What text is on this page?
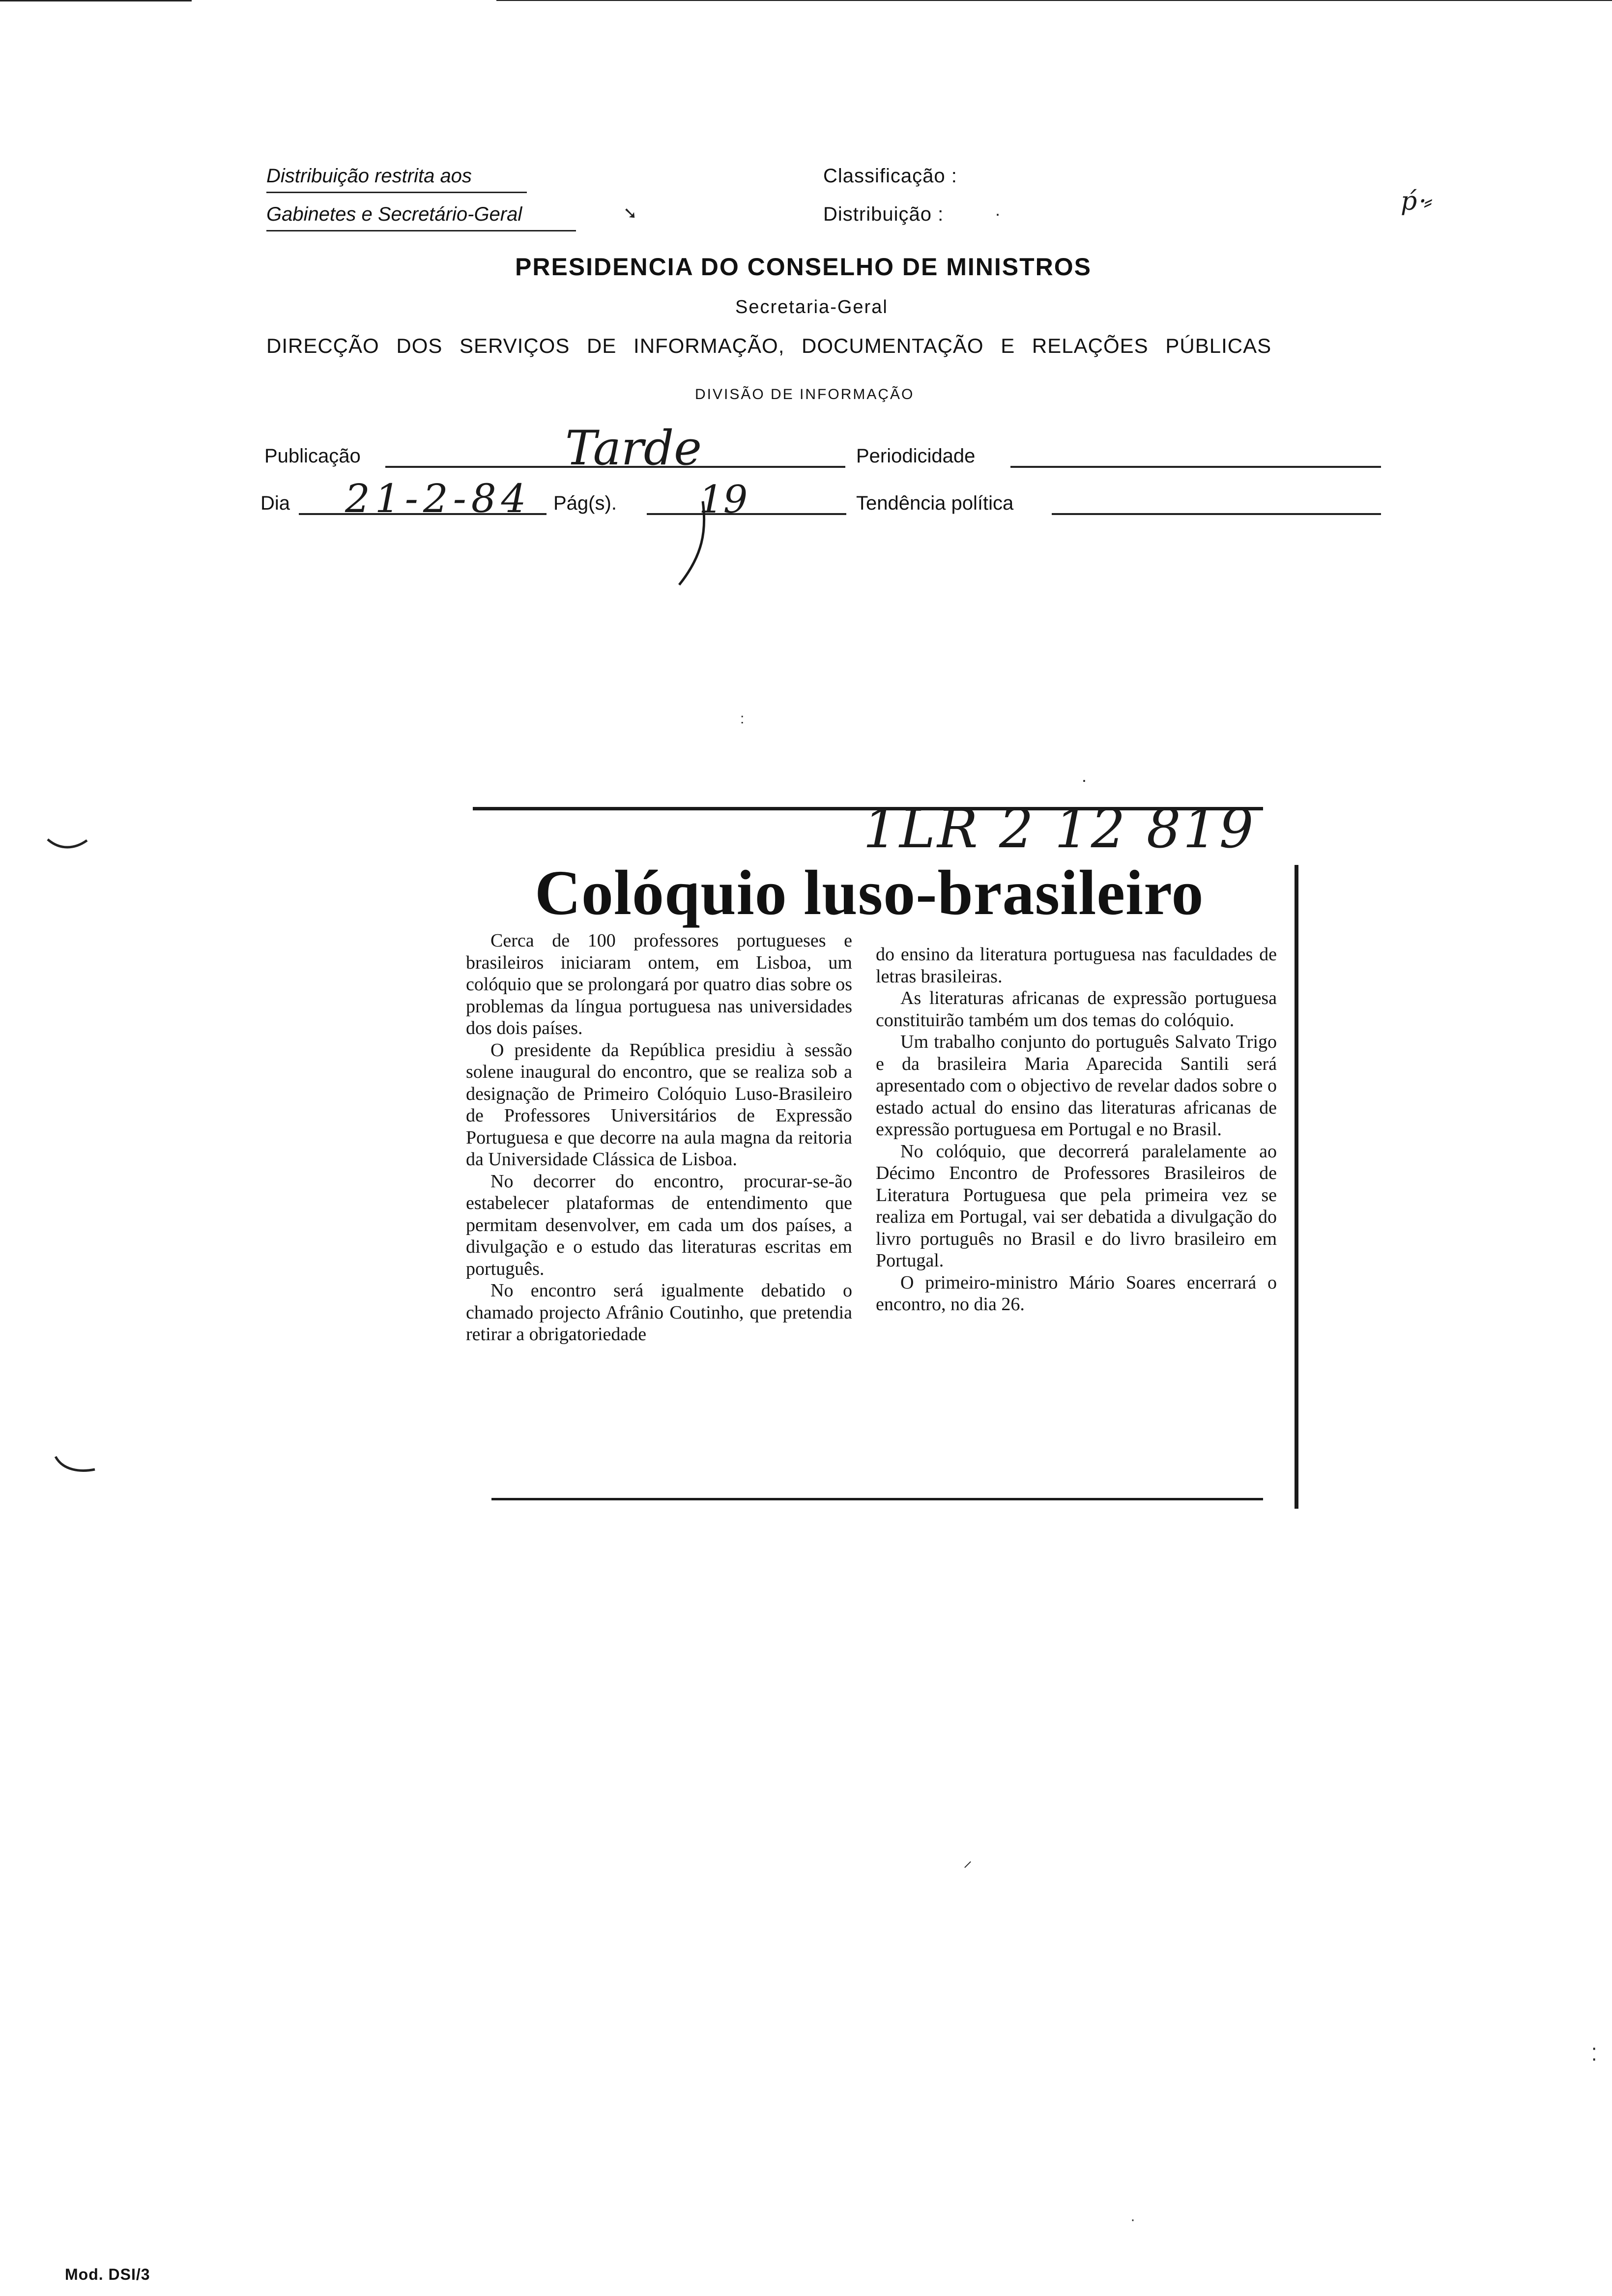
Distribuição restrita aos
Gabinetes e Secretário-Geral	➘
Classificação :
Distribuição :	·	ṕ⸱⸗
PRESIDENCIA DO CONSELHO DE MINISTROS
Secretaria-Geral
DIRECÇÃO DOS SERVIÇOS DE INFORMAÇÃO, DOCUMENTAÇÃO E RELAÇÕES PÚBLICAS
DIVISÃO DE INFORMAÇÃO
Publicação	Tarde	Periodicidade
Dia 21-2-84 Pág(s). 19	Tendência política
:
·
1LR 2 12 819
Colóquio luso-brasileiro

Cerca de 100 professores portugueses e brasileiros iniciaram ontem, em Lisboa, um colóquio que se prolongará por quatro dias sobre os problemas da língua portuguesa nas universidades dos dois países.

O presidente da República presidiu à sessão solene inaugural do encontro, que se realiza sob a designação de Primeiro Colóquio Luso-Brasileiro de Professores Universitários de Expressão Portuguesa e que decorre na aula magna da reitoria da Universidade Clássica de Lisboa.

No decorrer do encontro, procurar-se-ão estabelecer plataformas de entendimento que permitam desenvolver, em cada um dos países, a divulgação e o estudo das literaturas escritas em português.

No encontro será igualmente debatido o chamado projecto Afrânio Coutinho, que pretendia retirar a obrigatoriedade

do ensino da literatura portuguesa nas faculdades de letras brasileiras.

As literaturas africanas de expressão portuguesa constituirão também um dos temas do colóquio.

Um trabalho conjunto do português Salvato Trigo e da brasileira Maria Aparecida Santili será apresentado com o objectivo de revelar dados sobre o estado actual do ensino das literaturas africanas de expressão portuguesa em Portugal e no Brasil.

No colóquio, que decorrerá paralelamente ao Décimo Encontro de Professores Brasileiros de Literatura Portuguesa que pela primeira vez se realiza em Portugal, vai ser debatida a divulgação do livro português no Brasil e do livro brasileiro em Portugal.

O primeiro-ministro Mário Soares encerrará o encontro, no dia 26.

⸝
⁚
·
Mod. DSI/3
